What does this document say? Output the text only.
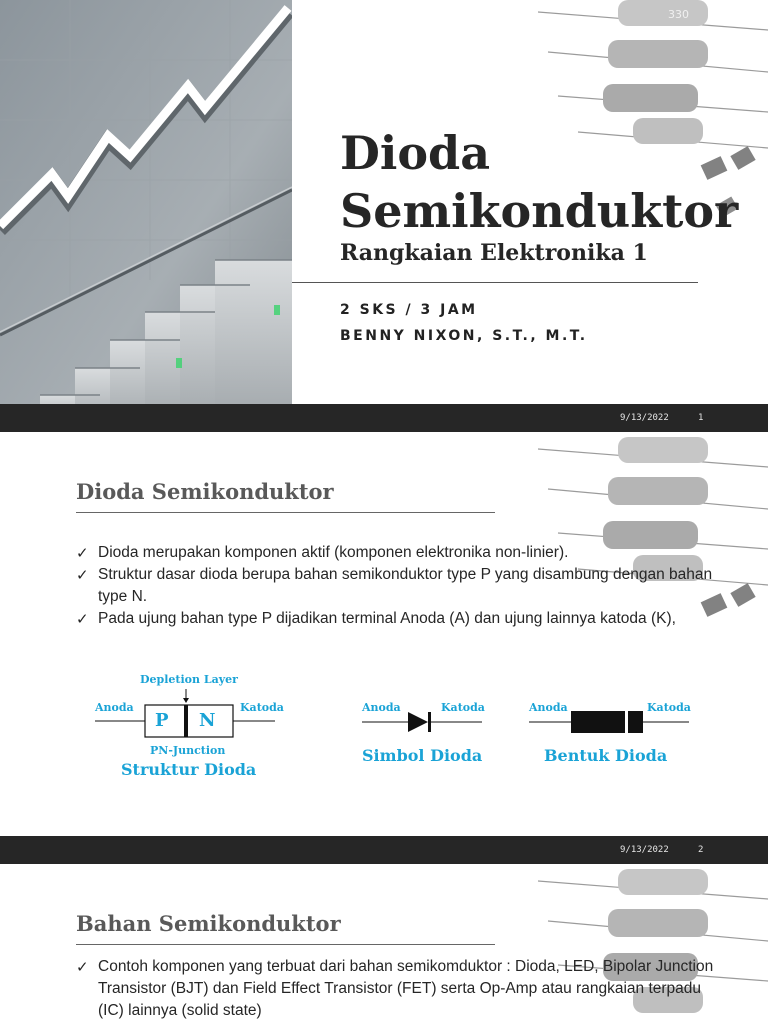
330
Dioda
Semikonduktor
Rangkaian Elektronika 1
2 SKS / 3 JAM
BENNY NIXON, S.T., M.T.
9/13/2022	1
Dioda Semikonduktor
✓ Dioda merupakan komponen aktif (komponen elektronika non-linier).
✓ Struktur dasar dioda berupa bahan semikonduktor type P yang disambung dengan bahan type N.
✓ Pada ujung bahan type P dijadikan terminal Anoda (A) dan ujung lainnya katoda (K),
Depletion Layer
P N
Anoda	Katoda
PN-Junction
Struktur Dioda
Anoda	Katoda
Simbol Dioda
Anoda	Katoda
Bentuk Dioda
9/13/2022	2
Bahan Semikonduktor
✓ Contoh komponen yang terbuat dari bahan semikomduktor : Dioda, LED, Bipolar Junction Transistor (BJT) dan Field Effect Transistor (FET) serta Op-Amp atau rangkaian terpadu (IC) lainnya (solid state)
